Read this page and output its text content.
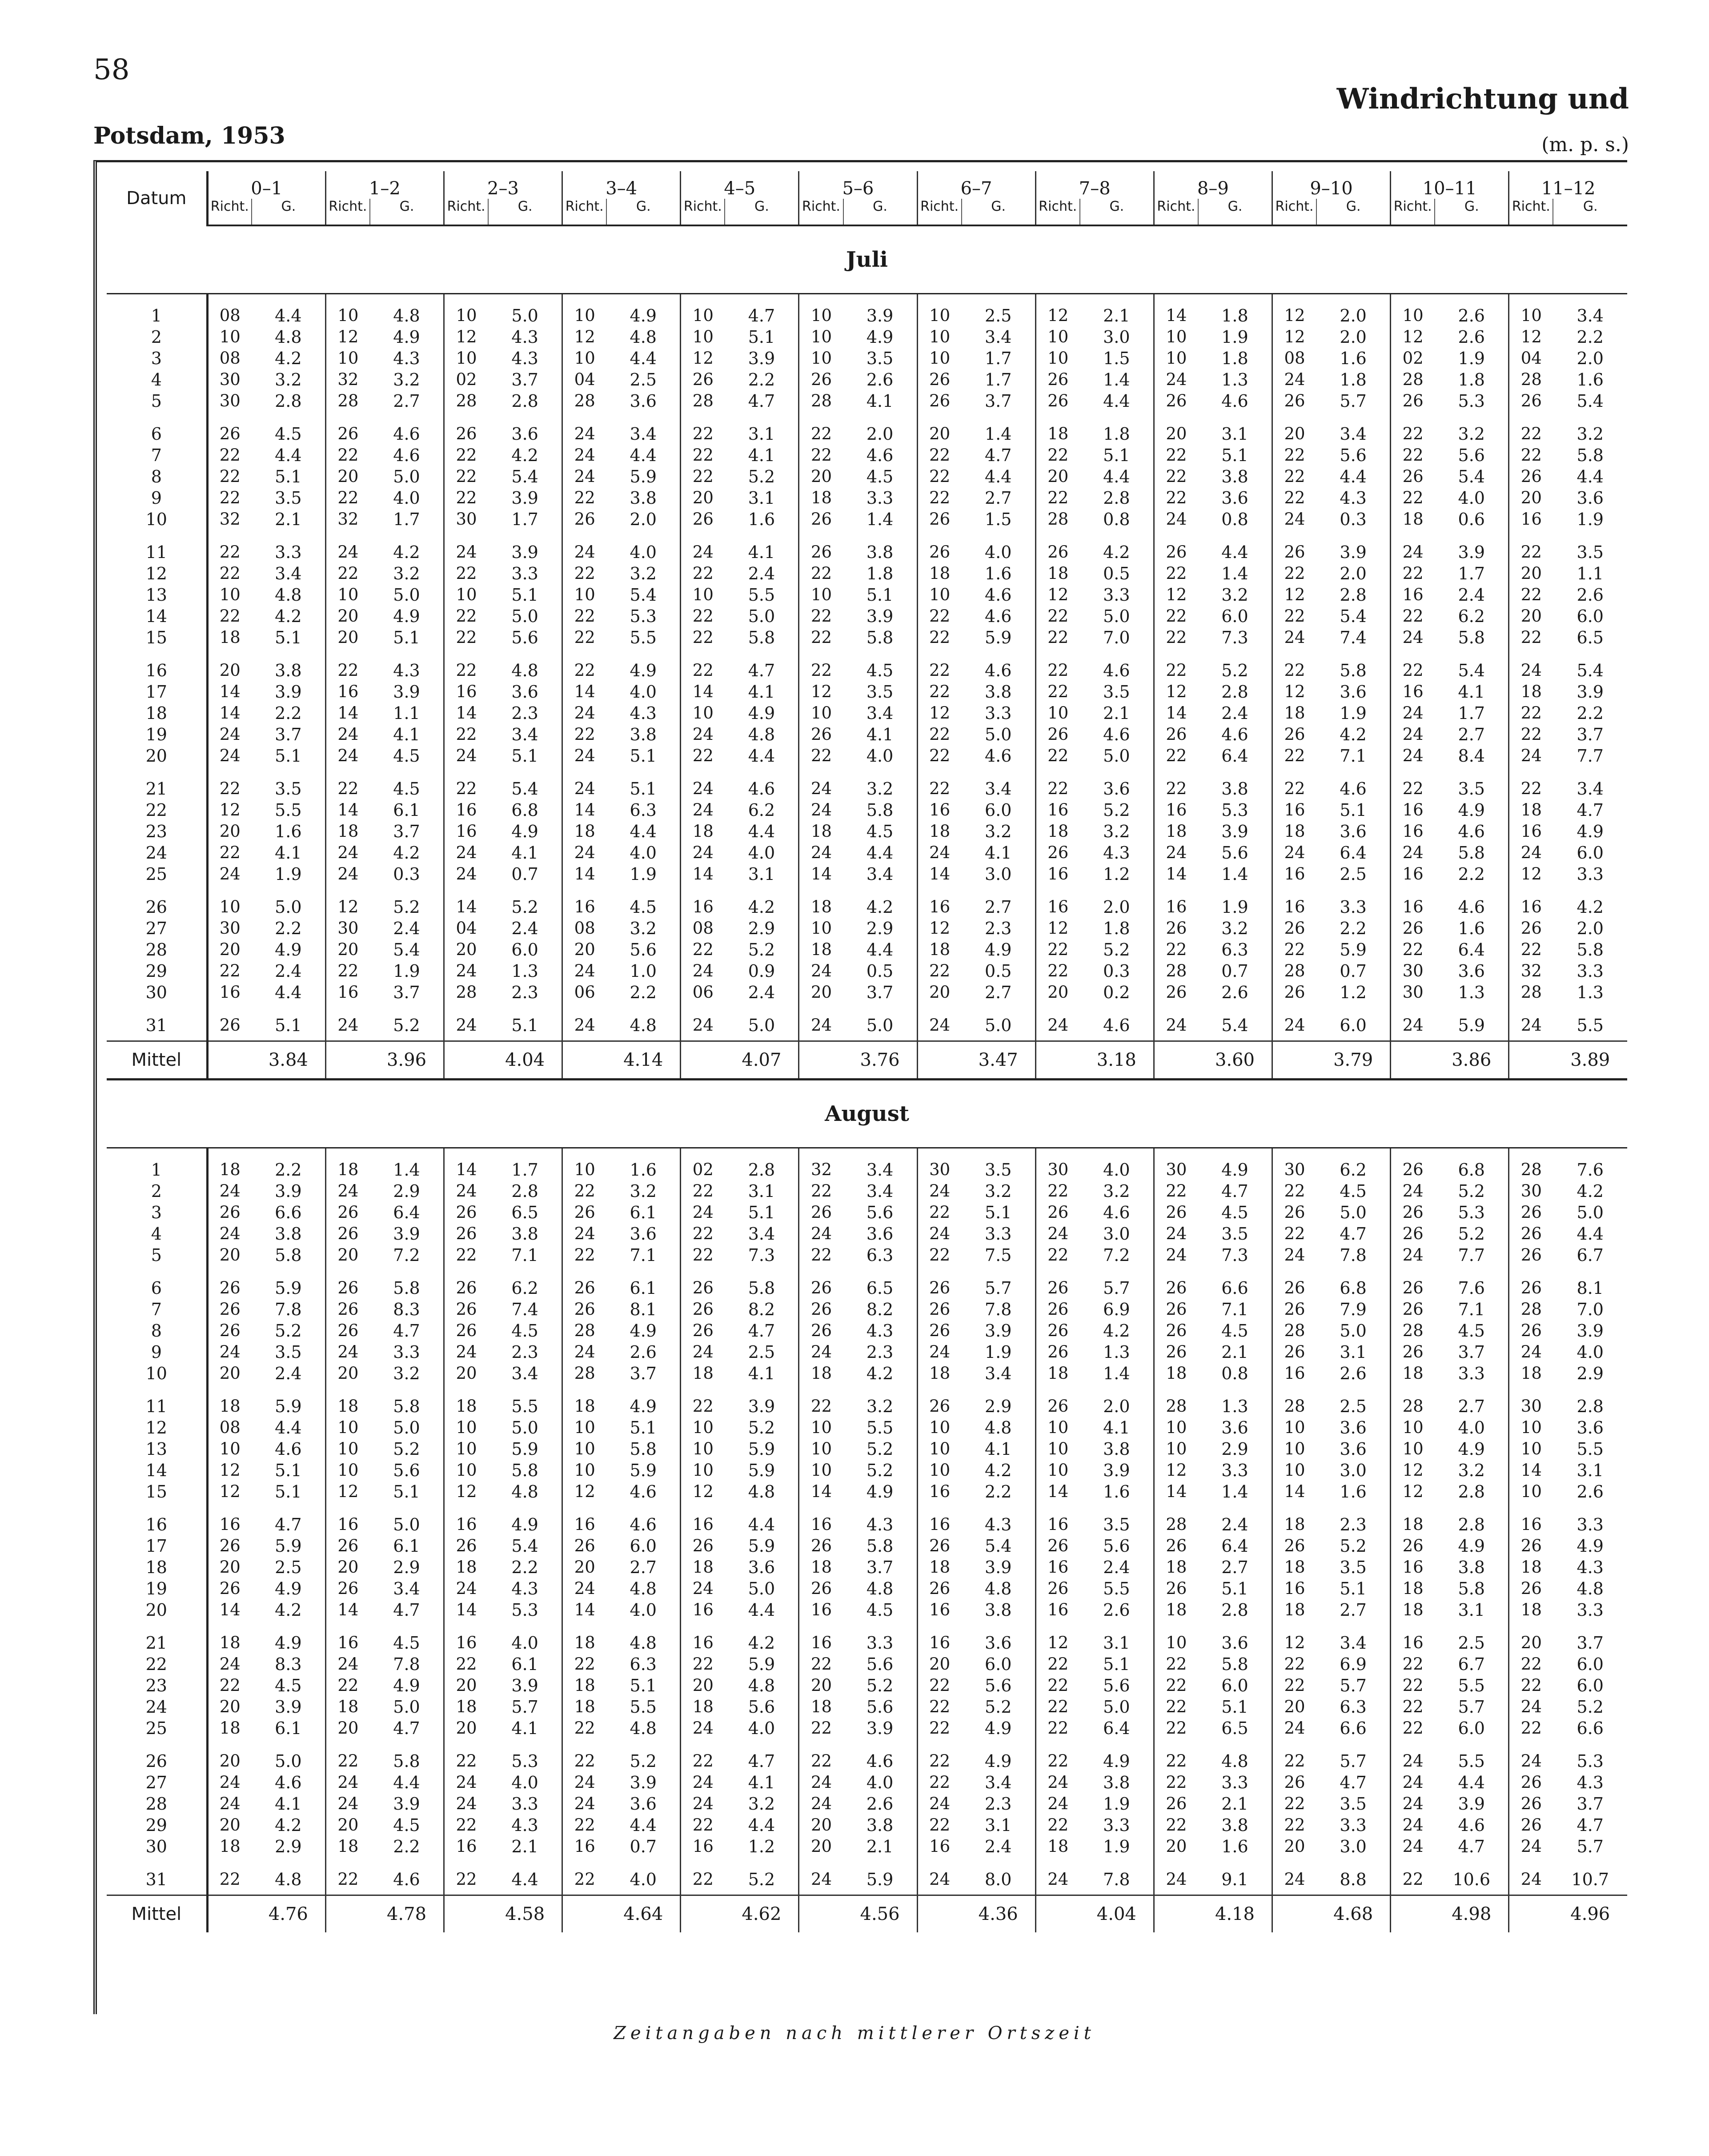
58
Potsdam, 1953
Windrichtung und
(m. p. s.)
Datum	0–1		1–2		2–3		3–4		4–5		5–6		6–7		7–8		8–9		9–10		10–11		11–12	
	Richt.	G.	Richt.	G.	Richt.	G.	Richt.	G.	Richt.	G.	Richt.	G.	Richt.	G.	Richt.	G.	Richt.	G.	Richt.	G.	Richt.	G.	Richt.	G.
Juli																								
1	08	4.4	10	4.8	10	5.0	10	4.9	10	4.7	10	3.9	10	2.5	12	2.1	14	1.8	12	2.0	10	2.6	10	3.4
2	10	4.8	12	4.9	12	4.3	12	4.8	10	5.1	10	4.9	10	3.4	10	3.0	10	1.9	12	2.0	12	2.6	12	2.2
3	08	4.2	10	4.3	10	4.3	10	4.4	12	3.9	10	3.5	10	1.7	10	1.5	10	1.8	08	1.6	02	1.9	04	2.0
4	30	3.2	32	3.2	02	3.7	04	2.5	26	2.2	26	2.6	26	1.7	26	1.4	24	1.3	24	1.8	28	1.8	28	1.6
5	30	2.8	28	2.7	28	2.8	28	3.6	28	4.7	28	4.1	26	3.7	26	4.4	26	4.6	26	5.7	26	5.3	26	5.4
6	26	4.5	26	4.6	26	3.6	24	3.4	22	3.1	22	2.0	20	1.4	18	1.8	20	3.1	20	3.4	22	3.2	22	3.2
7	22	4.4	22	4.6	22	4.2	24	4.4	22	4.1	22	4.6	22	4.7	22	5.1	22	5.1	22	5.6	22	5.6	22	5.8
8	22	5.1	20	5.0	22	5.4	24	5.9	22	5.2	20	4.5	22	4.4	20	4.4	22	3.8	22	4.4	26	5.4	26	4.4
9	22	3.5	22	4.0	22	3.9	22	3.8	20	3.1	18	3.3	22	2.7	22	2.8	22	3.6	22	4.3	22	4.0	20	3.6
10	32	2.1	32	1.7	30	1.7	26	2.0	26	1.6	26	1.4	26	1.5	28	0.8	24	0.8	24	0.3	18	0.6	16	1.9
11	22	3.3	24	4.2	24	3.9	24	4.0	24	4.1	26	3.8	26	4.0	26	4.2	26	4.4	26	3.9	24	3.9	22	3.5
12	22	3.4	22	3.2	22	3.3	22	3.2	22	2.4	22	1.8	18	1.6	18	0.5	22	1.4	22	2.0	22	1.7	20	1.1
13	10	4.8	10	5.0	10	5.1	10	5.4	10	5.5	10	5.1	10	4.6	12	3.3	12	3.2	12	2.8	16	2.4	22	2.6
14	22	4.2	20	4.9	22	5.0	22	5.3	22	5.0	22	3.9	22	4.6	22	5.0	22	6.0	22	5.4	22	6.2	20	6.0
15	18	5.1	20	5.1	22	5.6	22	5.5	22	5.8	22	5.8	22	5.9	22	7.0	22	7.3	24	7.4	24	5.8	22	6.5
16	20	3.8	22	4.3	22	4.8	22	4.9	22	4.7	22	4.5	22	4.6	22	4.6	22	5.2	22	5.8	22	5.4	24	5.4
17	14	3.9	16	3.9	16	3.6	14	4.0	14	4.1	12	3.5	22	3.8	22	3.5	12	2.8	12	3.6	16	4.1	18	3.9
18	14	2.2	14	1.1	14	2.3	24	4.3	10	4.9	10	3.4	12	3.3	10	2.1	14	2.4	18	1.9	24	1.7	22	2.2
19	24	3.7	24	4.1	22	3.4	22	3.8	24	4.8	26	4.1	22	5.0	26	4.6	26	4.6	26	4.2	24	2.7	22	3.7
20	24	5.1	24	4.5	24	5.1	24	5.1	22	4.4	22	4.0	22	4.6	22	5.0	22	6.4	22	7.1	24	8.4	24	7.7
21	22	3.5	22	4.5	22	5.4	24	5.1	24	4.6	24	3.2	22	3.4	22	3.6	22	3.8	22	4.6	22	3.5	22	3.4
22	12	5.5	14	6.1	16	6.8	14	6.3	24	6.2	24	5.8	16	6.0	16	5.2	16	5.3	16	5.1	16	4.9	18	4.7
23	20	1.6	18	3.7	16	4.9	18	4.4	18	4.4	18	4.5	18	3.2	18	3.2	18	3.9	18	3.6	16	4.6	16	4.9
24	22	4.1	24	4.2	24	4.1	24	4.0	24	4.0	24	4.4	24	4.1	26	4.3	24	5.6	24	6.4	24	5.8	24	6.0
25	24	1.9	24	0.3	24	0.7	14	1.9	14	3.1	14	3.4	14	3.0	16	1.2	14	1.4	16	2.5	16	2.2	12	3.3
26	10	5.0	12	5.2	14	5.2	16	4.5	16	4.2	18	4.2	16	2.7	16	2.0	16	1.9	16	3.3	16	4.6	16	4.2
27	30	2.2	30	2.4	04	2.4	08	3.2	08	2.9	10	2.9	12	2.3	12	1.8	26	3.2	26	2.2	26	1.6	26	2.0
28	20	4.9	20	5.4	20	6.0	20	5.6	22	5.2	18	4.4	18	4.9	22	5.2	22	6.3	22	5.9	22	6.4	22	5.8
29	22	2.4	22	1.9	24	1.3	24	1.0	24	0.9	24	0.5	22	0.5	22	0.3	28	0.7	28	0.7	30	3.6	32	3.3
30	16	4.4	16	3.7	28	2.3	06	2.2	06	2.4	20	3.7	20	2.7	20	0.2	26	2.6	26	1.2	30	1.3	28	1.3
31	26	5.1	24	5.2	24	5.1	24	4.8	24	5.0	24	5.0	24	5.0	24	4.6	24	5.4	24	6.0	24	5.9	24	5.5
Mittel		3.84		3.96		4.04		4.14		4.07		3.76		3.47		3.18		3.60		3.79		3.86		3.89
August																								
1	18	2.2	18	1.4	14	1.7	10	1.6	02	2.8	32	3.4	30	3.5	30	4.0	30	4.9	30	6.2	26	6.8	28	7.6
2	24	3.9	24	2.9	24	2.8	22	3.2	22	3.1	22	3.4	24	3.2	22	3.2	22	4.7	22	4.5	24	5.2	30	4.2
3	26	6.6	26	6.4	26	6.5	26	6.1	24	5.1	26	5.6	22	5.1	26	4.6	26	4.5	26	5.0	26	5.3	26	5.0
4	24	3.8	26	3.9	26	3.8	24	3.6	22	3.4	24	3.6	24	3.3	24	3.0	24	3.5	22	4.7	26	5.2	26	4.4
5	20	5.8	20	7.2	22	7.1	22	7.1	22	7.3	22	6.3	22	7.5	22	7.2	24	7.3	24	7.8	24	7.7	26	6.7
6	26	5.9	26	5.8	26	6.2	26	6.1	26	5.8	26	6.5	26	5.7	26	5.7	26	6.6	26	6.8	26	7.6	26	8.1
7	26	7.8	26	8.3	26	7.4	26	8.1	26	8.2	26	8.2	26	7.8	26	6.9	26	7.1	26	7.9	26	7.1	28	7.0
8	26	5.2	26	4.7	26	4.5	28	4.9	26	4.7	26	4.3	26	3.9	26	4.2	26	4.5	28	5.0	28	4.5	26	3.9
9	24	3.5	24	3.3	24	2.3	24	2.6	24	2.5	24	2.3	24	1.9	26	1.3	26	2.1	26	3.1	26	3.7	24	4.0
10	20	2.4	20	3.2	20	3.4	28	3.7	18	4.1	18	4.2	18	3.4	18	1.4	18	0.8	16	2.6	18	3.3	18	2.9
11	18	5.9	18	5.8	18	5.5	18	4.9	22	3.9	22	3.2	26	2.9	26	2.0	28	1.3	28	2.5	28	2.7	30	2.8
12	08	4.4	10	5.0	10	5.0	10	5.1	10	5.2	10	5.5	10	4.8	10	4.1	10	3.6	10	3.6	10	4.0	10	3.6
13	10	4.6	10	5.2	10	5.9	10	5.8	10	5.9	10	5.2	10	4.1	10	3.8	10	2.9	10	3.6	10	4.9	10	5.5
14	12	5.1	10	5.6	10	5.8	10	5.9	10	5.9	10	5.2	10	4.2	10	3.9	12	3.3	10	3.0	12	3.2	14	3.1
15	12	5.1	12	5.1	12	4.8	12	4.6	12	4.8	14	4.9	16	2.2	14	1.6	14	1.4	14	1.6	12	2.8	10	2.6
16	16	4.7	16	5.0	16	4.9	16	4.6	16	4.4	16	4.3	16	4.3	16	3.5	28	2.4	18	2.3	18	2.8	16	3.3
17	26	5.9	26	6.1	26	5.4	26	6.0	26	5.9	26	5.8	26	5.4	26	5.6	26	6.4	26	5.2	26	4.9	26	4.9
18	20	2.5	20	2.9	18	2.2	20	2.7	18	3.6	18	3.7	18	3.9	16	2.4	18	2.7	18	3.5	16	3.8	18	4.3
19	26	4.9	26	3.4	24	4.3	24	4.8	24	5.0	26	4.8	26	4.8	26	5.5	26	5.1	16	5.1	18	5.8	26	4.8
20	14	4.2	14	4.7	14	5.3	14	4.0	16	4.4	16	4.5	16	3.8	16	2.6	18	2.8	18	2.7	18	3.1	18	3.3
21	18	4.9	16	4.5	16	4.0	18	4.8	16	4.2	16	3.3	16	3.6	12	3.1	10	3.6	12	3.4	16	2.5	20	3.7
22	24	8.3	24	7.8	22	6.1	22	6.3	22	5.9	22	5.6	20	6.0	22	5.1	22	5.8	22	6.9	22	6.7	22	6.0
23	22	4.5	22	4.9	20	3.9	18	5.1	20	4.8	20	5.2	22	5.6	22	5.6	22	6.0	22	5.7	22	5.5	22	6.0
24	20	3.9	18	5.0	18	5.7	18	5.5	18	5.6	18	5.6	22	5.2	22	5.0	22	5.1	20	6.3	22	5.7	24	5.2
25	18	6.1	20	4.7	20	4.1	22	4.8	24	4.0	22	3.9	22	4.9	22	6.4	22	6.5	24	6.6	22	6.0	22	6.6
26	20	5.0	22	5.8	22	5.3	22	5.2	22	4.7	22	4.6	22	4.9	22	4.9	22	4.8	22	5.7	24	5.5	24	5.3
27	24	4.6	24	4.4	24	4.0	24	3.9	24	4.1	24	4.0	22	3.4	24	3.8	22	3.3	26	4.7	24	4.4	26	4.3
28	24	4.1	24	3.9	24	3.3	24	3.6	24	3.2	24	2.6	24	2.3	24	1.9	26	2.1	22	3.5	24	3.9	26	3.7
29	20	4.2	20	4.5	22	4.3	22	4.4	22	4.4	20	3.8	22	3.1	22	3.3	22	3.8	22	3.3	24	4.6	26	4.7
30	18	2.9	18	2.2	16	2.1	16	0.7	16	1.2	20	2.1	16	2.4	18	1.9	20	1.6	20	3.0	24	4.7	24	5.7
31	22	4.8	22	4.6	22	4.4	22	4.0	22	5.2	24	5.9	24	8.0	24	7.8	24	9.1	24	8.8	22	10.6	24	10.7
Mittel		4.76		4.78		4.58		4.64		4.62		4.56		4.36		4.04		4.18		4.68		4.98		4.96
Zeitangaben nach mittlerer Ortszeit
